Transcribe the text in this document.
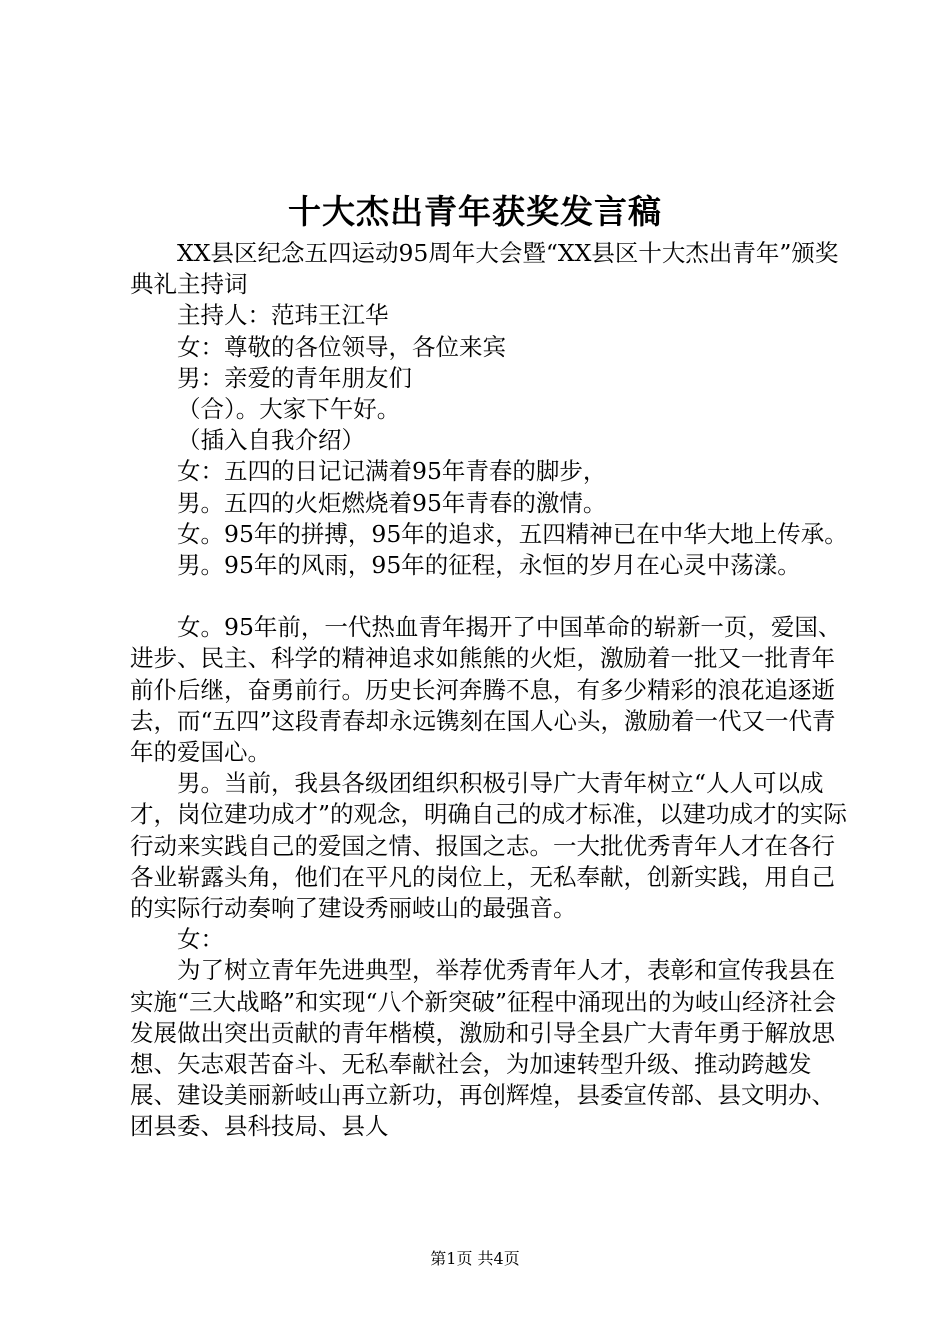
十大杰出青年获奖发言稿

XX县区纪念五四运动95周年大会暨“XX县区十大杰出青年”颁奖典礼主持词

主持人：范玮王江华

女：尊敬的各位领导，各位来宾

男：亲爱的青年朋友们

（合）。大家下午好。

（插入自我介绍）

女：五四的日记记满着95年青春的脚步，

男。五四的火炬燃烧着95年青春的激情。

女。95年的拼搏，95年的追求，五四精神已在中华大地上传承。

男。95年的风雨，95年的征程，永恒的岁月在心灵中荡漾。

女。95年前，一代热血青年揭开了中国革命的崭新一页，爱国、进步、民主、科学的精神追求如熊熊的火炬，激励着一批又一批青年前仆后继，奋勇前行。历史长河奔腾不息，有多少精彩的浪花追逐逝去，而“五四”这段青春却永远镌刻在国人心头，激励着一代又一代青年的爱国心。

男。当前，我县各级团组织积极引导广大青年树立“人人可以成才，岗位建功成才”的观念，明确自己的成才标准，以建功成才的实际行动来实践自己的爱国之情、报国之志。一大批优秀青年人才在各行各业崭露头角，他们在平凡的岗位上，无私奉献，创新实践，用自己的实际行动奏响了建设秀丽岐山的最强音。

女：

为了树立青年先进典型，举荐优秀青年人才，表彰和宣传我县在实施“三大战略”和实现“八个新突破”征程中涌现出的为岐山经济社会发展做出突出贡献的青年楷模，激励和引导全县广大青年勇于解放思想、矢志艰苦奋斗、无私奉献社会，为加速转型升级、推动跨越发展、建设美丽新岐山再立新功，再创辉煌，县委宣传部、县文明办、团县委、县科技局、县人

第1页 共4页
